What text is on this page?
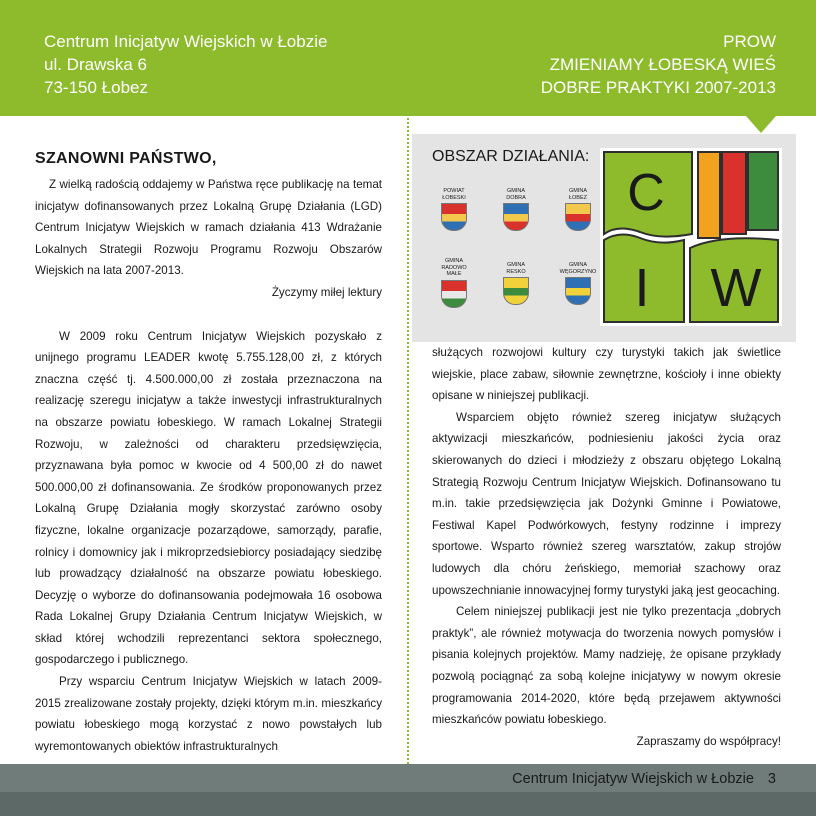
Centrum Inicjatyw Wiejskich w Łobzie
ul. Drawska 6
73-150 Łobez
PROW
ZMIENIAMY ŁOBESKĄ WIEŚ
DOBRE PRAKTYKI 2007-2013
SZANOWNI PAŃSTWO,

Z wielką radością oddajemy w Państwa ręce publikację na temat inicjatyw dofinansowanych przez Lokalną Grupę Działania (LGD) Centrum Inicjatyw Wiejskich w ramach działania 413 Wdrażanie Lokalnych Strategii Rozwoju Programu Rozwoju Obszarów Wiejskich na lata 2007-2013.

Życzymy miłej lektury

W 2009 roku Centrum Inicjatyw Wiejskich pozyskało z unijnego programu LEADER kwotę 5.755.128,00 zł, z których znaczna część tj. 4.500.000,00 zł została przeznaczona na realizację szeregu inicjatyw a także inwestycji infrastrukturalnych na obszarze powiatu łobeskiego. W ramach Lokalnej Strategii Rozwoju, w zależności od charakteru przedsięwzięcia, przyznawana była pomoc w kwocie od 4 500,00 zł do nawet 500.000,00 zł dofinansowania. Ze środków proponowanych przez Lokalną Grupę Działania mogły skorzystać zarówno osoby fizyczne, lokalne organizacje pozarządowe, samorządy, parafie, rolnicy i domownicy jak i mikroprzedsiebiorcy posiadający siedzibę lub prowadzący działalność na obszarze powiatu łobeskiego. Decyzję o wyborze do dofinansowania podejmowała 16 osobowa Rada Lokalnej Grupy Działania Centrum Inicjatyw Wiejskich, w skład której wchodzili reprezentanci sektora społecznego, gospodarczego i publicznego.

Przy wsparciu Centrum Inicjatyw Wiejskich w latach 2009-2015 zrealizowane zostały projekty, dzięki którym m.in. mieszkańcy powiatu łobeskiego mogą korzystać z nowo powstałych lub wyremontowanych obiektów infrastrukturalnych

OBSZAR DZIAŁANIA:
POWIAT
ŁOBESKI
GMINA
DOBRA
GMINA
ŁOBEZ
GMINA
RADOWO
MAŁE
GMINA
RESKO
GMINA
WĘGORZYNO
C
I W

służących rozwojowi kultury czy turystyki takich jak świetlice wiejskie, place zabaw, siłownie zewnętrzne, kościoły i inne obiekty opisane w niniejszej publikacji.

Wsparciem objęto również szereg inicjatyw służących aktywizacji mieszkańców, podniesieniu jakości życia oraz skierowanych do dzieci i młodzieży z obszaru objętego Lokalną Strategią Rozwoju Centrum Inicjatyw Wiejskich. Dofinansowano tu m.in. takie przedsięwzięcia jak Dożynki Gminne i Powiatowe, Festiwal Kapel Podwórkowych, festyny rodzinne i imprezy sportowe. Wsparto również szereg warsztatów, zakup strojów ludowych dla chóru żeńskiego, memoriał szachowy oraz upowszechnianie innowacyjnej formy turystyki jaką jest geocaching.

Celem niniejszej publikacji jest nie tylko prezentacja „dobrych praktyk”, ale również motywacja do tworzenia nowych pomysłów i pisania kolejnych projektów. Mamy nadzieję, że opisane przykłady pozwolą pociągnąć za sobą kolejne inicjatywy w nowym okresie programowania 2014-2020, które będą przejawem aktywności mieszkańców powiatu łobeskiego.

Zapraszamy do współpracy!

Centrum Inicjatyw Wiejskich w Łobzie 3
